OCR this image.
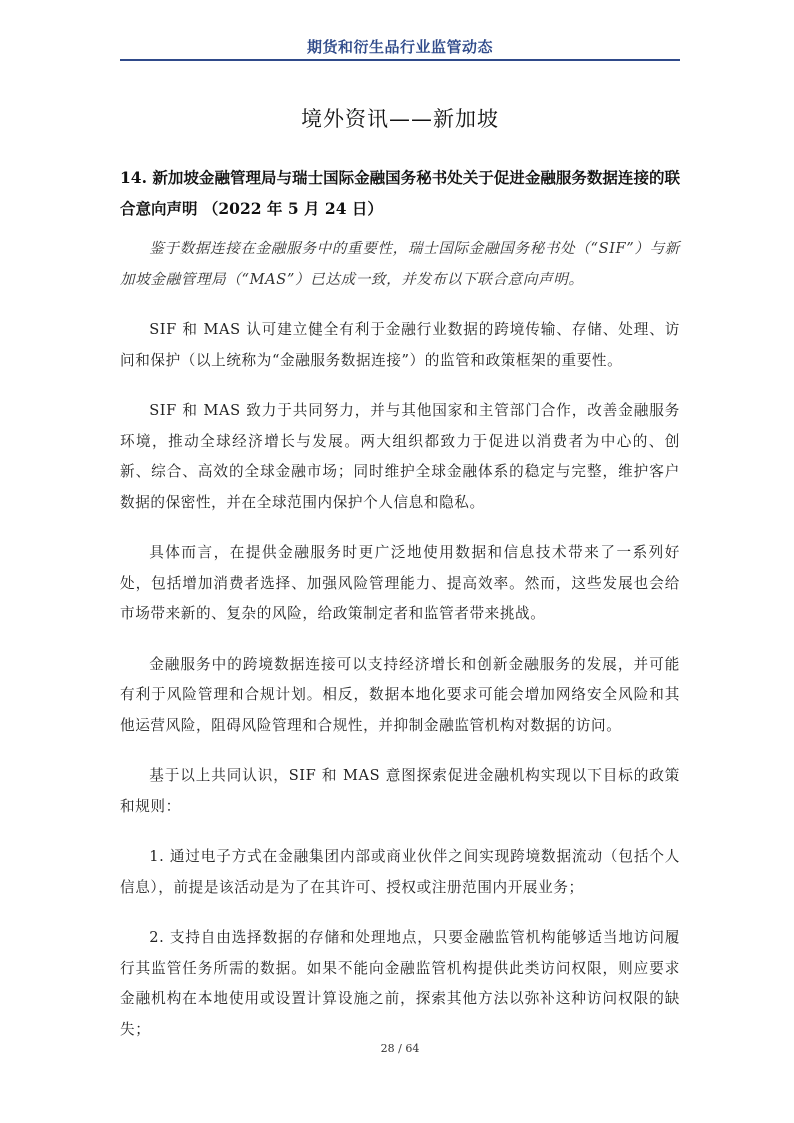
期货和衍生品行业监管动态
境外资讯——新加坡
14. 新加坡金融管理局与瑞士国际金融国务秘书处关于促进金融服务数据连接的联合意向声明 （2022 年 5 月 24 日）

鉴于数据连接在金融服务中的重要性，瑞士国际金融国务秘书处（“SIF”）与新加坡金融管理局（“MAS”）已达成一致，并发布以下联合意向声明。

SIF 和 MAS 认可建立健全有利于金融行业数据的跨境传输、存储、处理、访问和保护（以上统称为“金融服务数据连接”）的监管和政策框架的重要性。

SIF 和 MAS 致力于共同努力，并与其他国家和主管部门合作，改善金融服务环境，推动全球经济增长与发展。两大组织都致力于促进以消费者为中心的、创新、综合、高效的全球金融市场；同时维护全球金融体系的稳定与完整，维护客户数据的保密性，并在全球范围内保护个人信息和隐私。

具体而言，在提供金融服务时更广泛地使用数据和信息技术带来了一系列好处，包括增加消费者选择、加强风险管理能力、提高效率。然而，这些发展也会给市场带来新的、复杂的风险，给政策制定者和监管者带来挑战。

金融服务中的跨境数据连接可以支持经济增长和创新金融服务的发展，并可能有利于风险管理和合规计划。相反，数据本地化要求可能会增加网络安全风险和其他运营风险，阻碍风险管理和合规性，并抑制金融监管机构对数据的访问。

基于以上共同认识，SIF 和 MAS 意图探索促进金融机构实现以下目标的政策和规则：

1. 通过电子方式在金融集团内部或商业伙伴之间实现跨境数据流动（包括个人信息），前提是该活动是为了在其许可、授权或注册范围内开展业务；

2. 支持自由选择数据的存储和处理地点，只要金融监管机构能够适当地访问履行其监管任务所需的数据。如果不能向金融监管机构提供此类访问权限，则应要求金融机构在本地使用或设置计算设施之前，探索其他方法以弥补这种访问权限的缺失；

28 / 64
